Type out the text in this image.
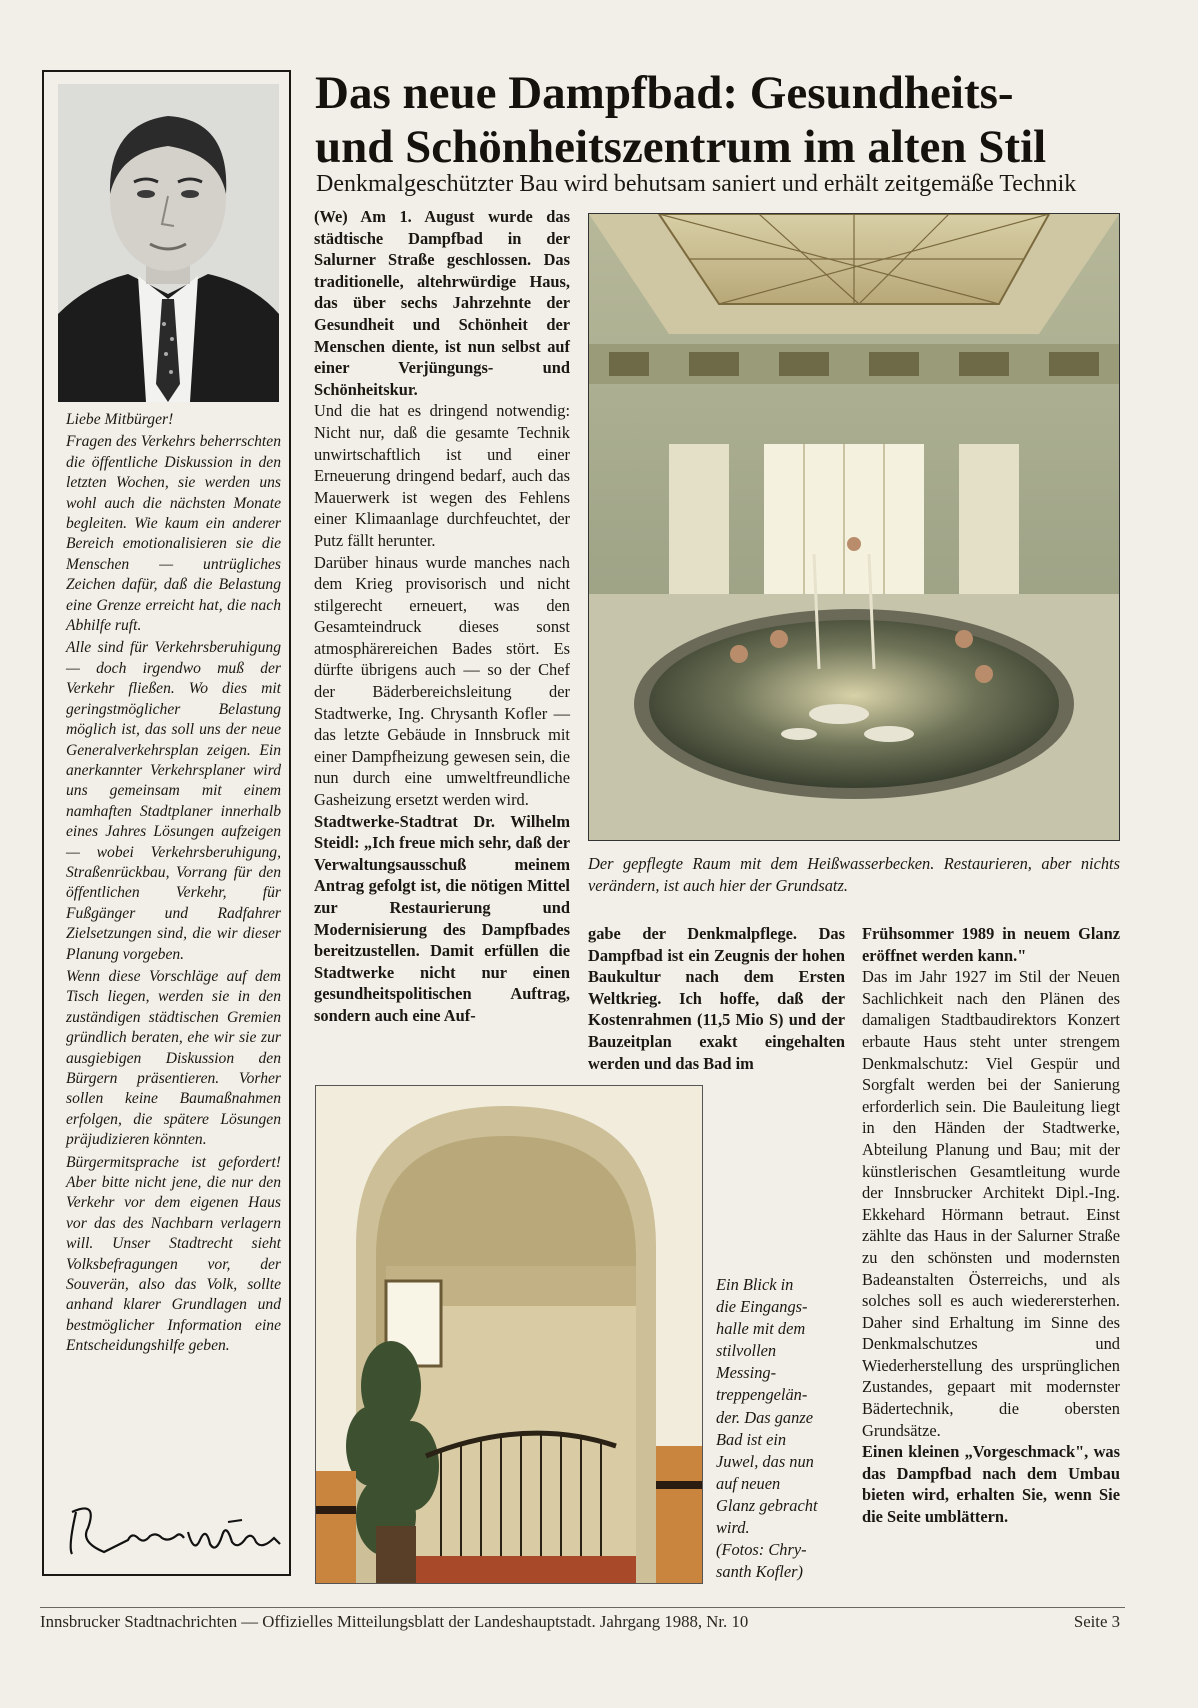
Liebe Mitbürger!

Fragen des Verkehrs beherrschten die öffentliche Diskussion in den letzten Wochen, sie werden uns wohl auch die nächsten Monate begleiten. Wie kaum ein anderer Bereich emotionalisieren sie die Menschen — untrügliches Zeichen dafür, daß die Belastung eine Grenze erreicht hat, die nach Abhilfe ruft.

Alle sind für Verkehrsberuhigung — doch irgendwo muß der Verkehr fließen. Wo dies mit geringstmöglicher Belastung möglich ist, das soll uns der neue Generalverkehrsplan zeigen. Ein anerkannter Verkehrsplaner wird uns gemeinsam mit einem namhaften Stadtplaner innerhalb eines Jahres Lösungen aufzeigen — wobei Verkehrsberuhigung, Straßenrückbau, Vorrang für den öffentlichen Verkehr, für Fußgänger und Radfahrer Zielsetzungen sind, die wir dieser Planung vorgeben.

Wenn diese Vorschläge auf dem Tisch liegen, werden sie in den zuständigen städtischen Gremien gründlich beraten, ehe wir sie zur ausgiebigen Diskussion den Bürgern präsentieren. Vorher sollen keine Baumaßnahmen erfolgen, die spätere Lösungen präjudizieren könnten.

Bürgermitsprache ist gefordert! Aber bitte nicht jene, die nur den Verkehr vor dem eigenen Haus vor das des Nachbarn verlagern will. Unser Stadtrecht sieht Volksbefragungen vor, der Souverän, also das Volk, sollte anhand klarer Grundlagen und bestmöglicher Information eine Entscheidungshilfe geben.

Das neue Dampfbad: Gesundheits-
und Schönheitszentrum im alten Stil

Denkmalgeschützter Bau wird behutsam saniert und erhält zeitgemäße Technik

(We) Am 1. August wurde das städtische Dampfbad in der Salurner Straße geschlossen. Das traditionelle, altehrwürdige Haus, das über sechs Jahrzehnte der Gesundheit und Schönheit der Menschen diente, ist nun selbst auf einer Verjüngungs- und Schönheitskur.

Und die hat es dringend notwendig: Nicht nur, daß die gesamte Technik unwirtschaftlich ist und einer Erneuerung dringend bedarf, auch das Mauerwerk ist wegen des Fehlens einer Klimaanlage durchfeuchtet, der Putz fällt herunter.

Darüber hinaus wurde manches nach dem Krieg provisorisch und nicht stilgerecht erneuert, was den Gesamteindruck dieses sonst atmosphärereichen Bades stört. Es dürfte übrigens auch — so der Chef der Bäderbereichsleitung der Stadtwerke, Ing. Chrysanth Kofler — das letzte Gebäude in Innsbruck mit einer Dampfheizung gewesen sein, die nun durch eine umweltfreundliche Gasheizung ersetzt werden wird.

Stadtwerke-Stadtrat Dr. Wilhelm Steidl: „Ich freue mich sehr, daß der Verwaltungsausschuß meinem Antrag gefolgt ist, die nötigen Mittel zur Restaurierung und Modernisierung des Dampfbades bereitzustellen. Damit erfüllen die Stadtwerke nicht nur einen gesundheitspolitischen Auftrag, sondern auch eine Auf-

Der gepflegte Raum mit dem Heißwasserbecken. Restaurieren, aber nichts verändern, ist auch hier der Grundsatz.

gabe der Denkmalpflege. Das Dampfbad ist ein Zeugnis der hohen Baukultur nach dem Ersten Weltkrieg. Ich hoffe, daß der Kostenrahmen (11,5 Mio S) und der Bauzeitplan exakt eingehalten werden und das Bad im

Frühsommer 1989 in neuem Glanz eröffnet werden kann."

Das im Jahr 1927 im Stil der Neuen Sachlichkeit nach den Plänen des damaligen Stadtbaudirektors Konzert erbaute Haus steht unter strengem Denkmalschutz: Viel Gespür und Sorgfalt werden bei der Sanierung erforderlich sein. Die Bauleitung liegt in den Händen der Stadtwerke, Abteilung Planung und Bau; mit der künstlerischen Gesamtleitung wurde der Innsbrucker Architekt Dipl.-Ing. Ekkehard Hörmann betraut. Einst zählte das Haus in der Salurner Straße zu den schönsten und modernsten Badeanstalten Österreichs, und als solches soll es auch wiederersterhen. Daher sind Erhaltung im Sinne des Denkmalschutzes und Wiederherstellung des ursprünglichen Zustandes, gepaart mit modernster Bädertechnik, die obersten Grundsätze.

Einen kleinen „Vorgeschmack", was das Dampfbad nach dem Umbau bieten wird, erhalten Sie, wenn Sie die Seite umblättern.

Ein Blick in
die Eingangs-
halle mit dem
stilvollen
Messing-
treppengelän-
der. Das ganze
Bad ist ein
Juwel, das nun
auf neuen
Glanz gebracht
wird.
(Fotos: Chry-
santh Kofler)
Innsbrucker Stadtnachrichten — Offizielles Mitteilungsblatt der Landeshauptstadt. Jahrgang 1988, Nr. 10	Seite 3
